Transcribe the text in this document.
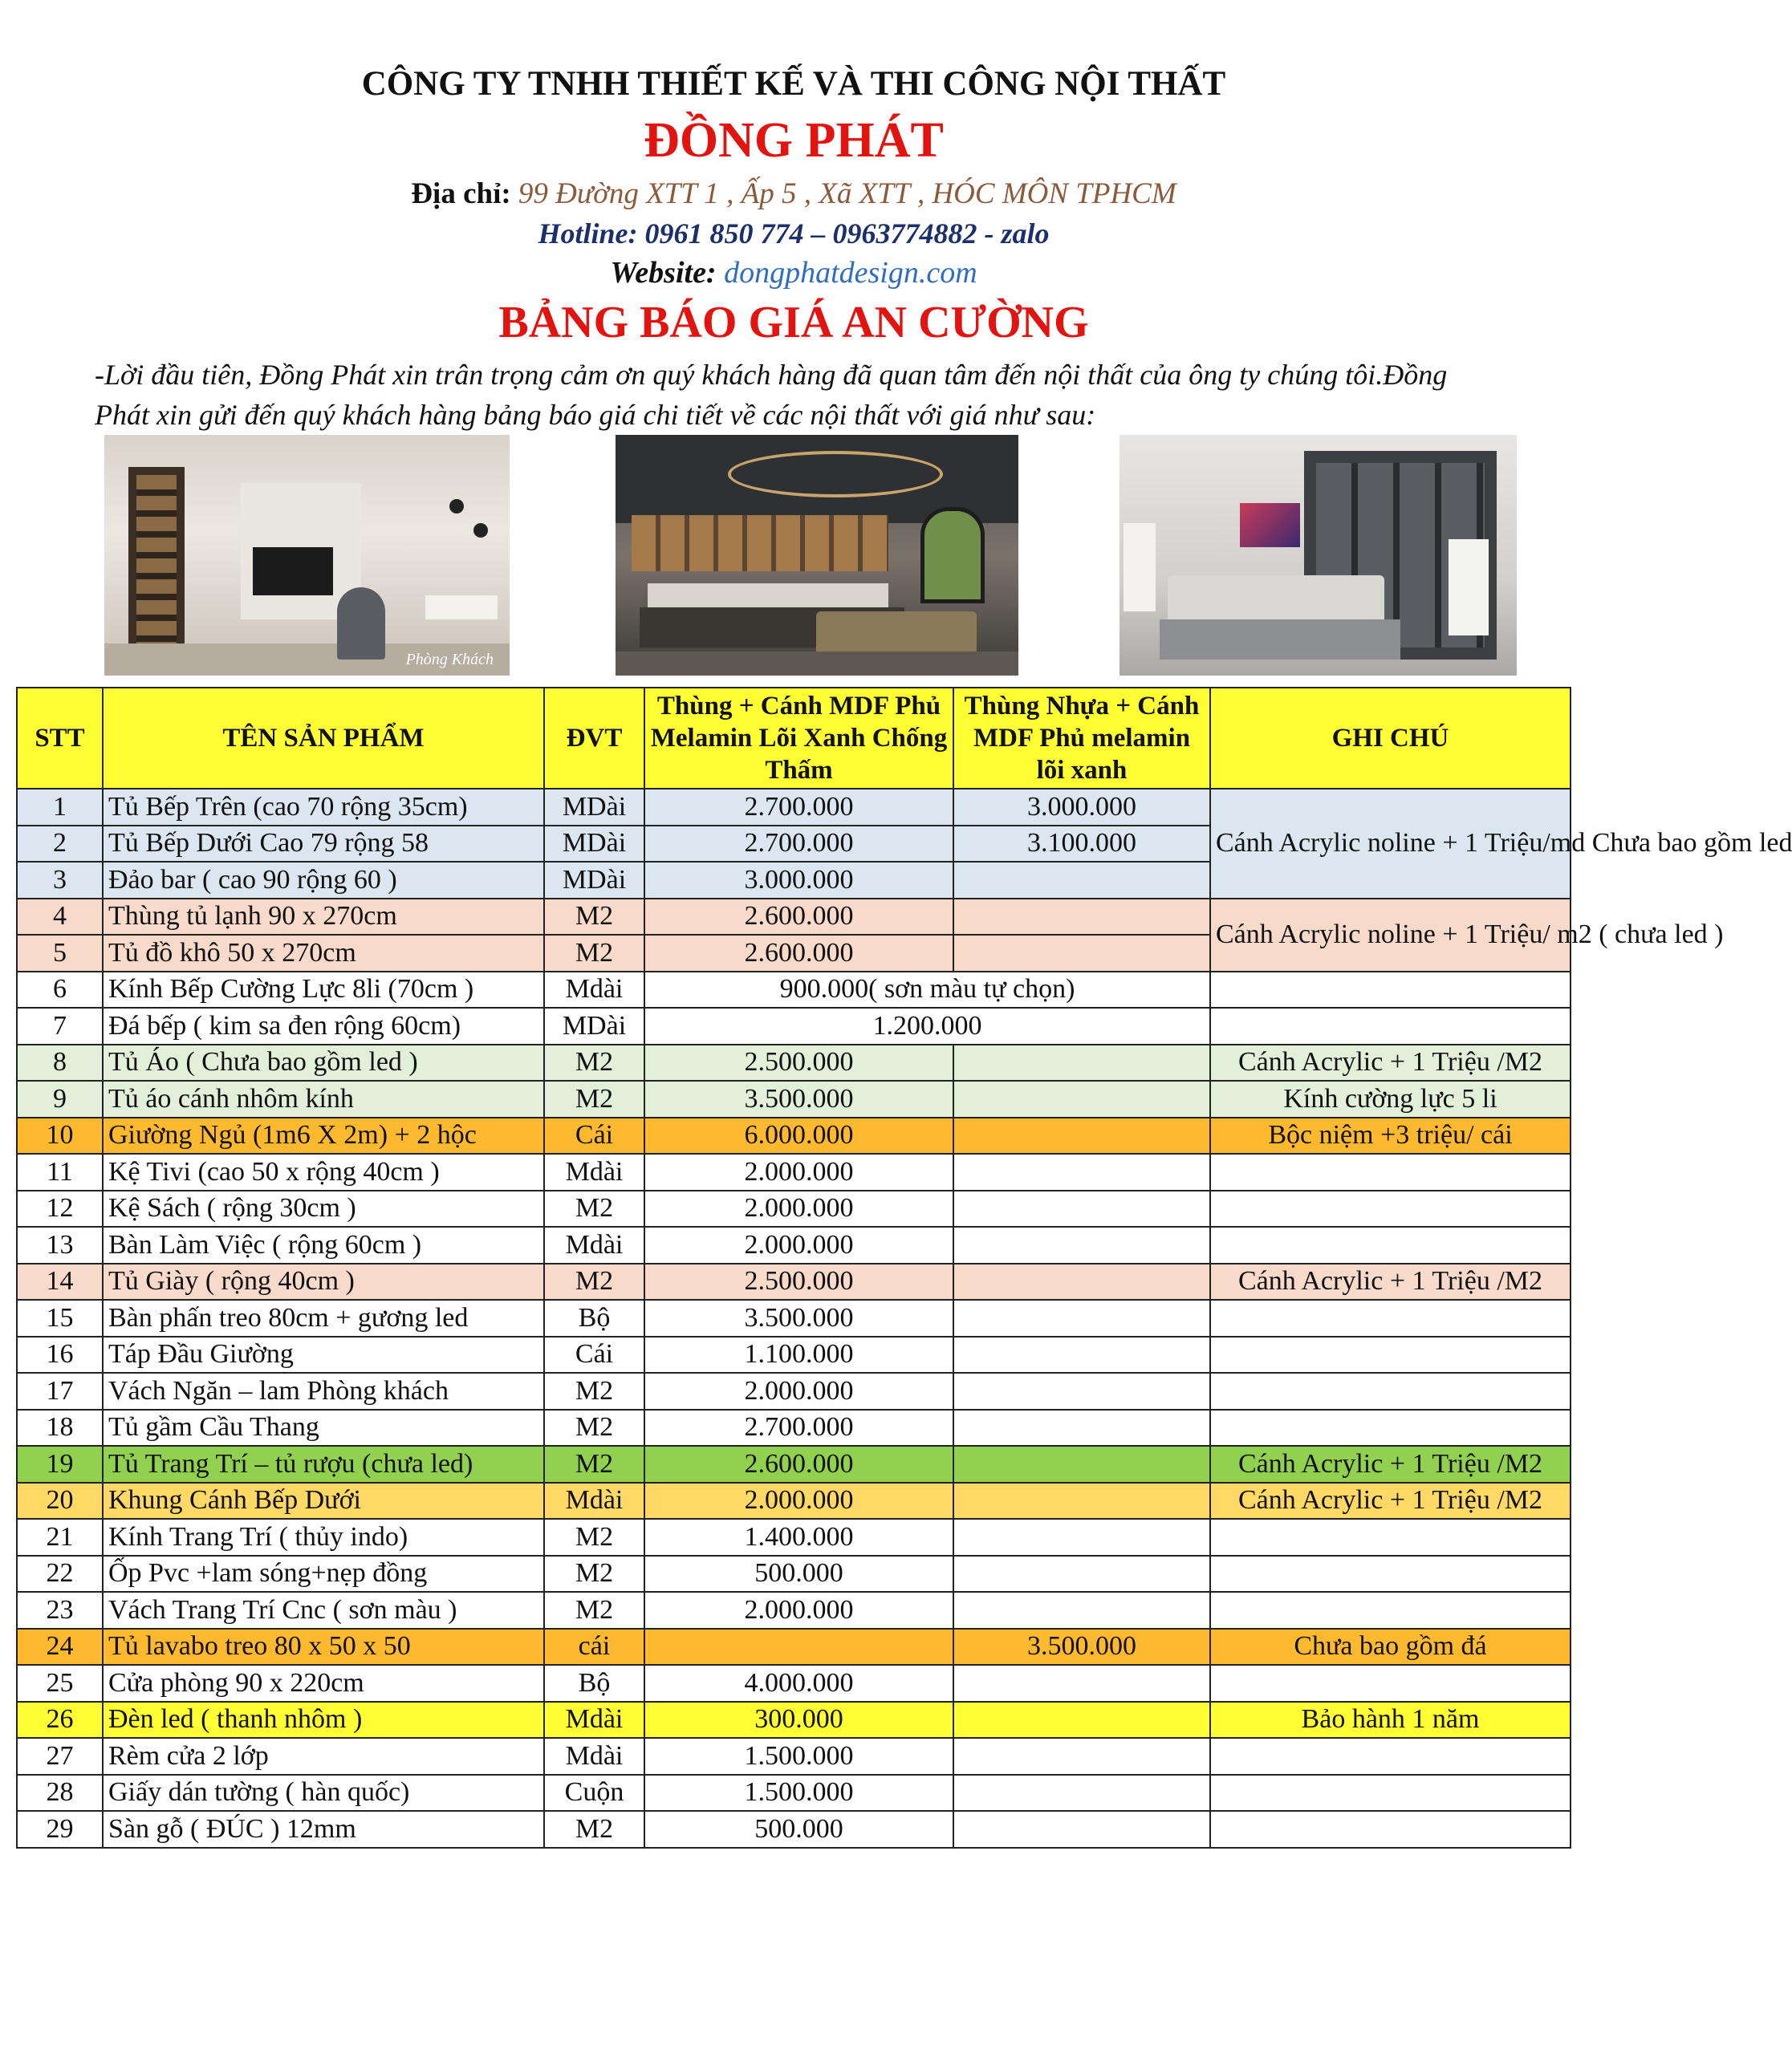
CÔNG TY TNHH THIẾT KẾ VÀ THI CÔNG NỘI THẤT
ĐỒNG PHÁT
Địa chỉ: 99 Đường XTT 1 , Ấp 5 , Xã XTT , HÓC MÔN TPHCM
Hotline: 0961 850 774 – 0963774882 - zalo
Website: dongphatdesign.com
BẢNG BÁO GIÁ AN CƯỜNG

-Lời đầu tiên, Đồng Phát xin trân trọng cảm ơn quý khách hàng đã quan tâm đến nội thất của ông ty chúng tôi.Đồng Phát xin gửi đến quý khách hàng bảng báo giá chi tiết về các nội thất với giá như sau:

Phòng Khách
STT	TÊN SẢN PHẨM	ĐVT	Thùng + Cánh MDF Phủ Melamin Lõi Xanh Chống Thấm	Thùng Nhựa + Cánh MDF Phủ melamin lõi xanh	GHI CHÚ
1	Tủ Bếp Trên (cao 70 rộng 35cm)	MDài	2.700.000	3.000.000	Cánh Acrylic noline + 1 Triệu/md Chưa bao gồm led
2	Tủ Bếp Dưới Cao 79 rộng 58	MDài	2.700.000	3.100.000	
3	Đảo bar ( cao 90 rộng 60 )	MDài	3.000.000		
4	Thùng tủ lạnh 90 x 270cm	M2	2.600.000		Cánh Acrylic noline + 1 Triệu/ m2 ( chưa led )
5	Tủ đồ khô 50 x 270cm	M2	2.600.000		
6	Kính Bếp Cường Lực 8li (70cm )	Mdài	900.000( sơn màu tự chọn)		
7	Đá bếp ( kim sa đen rộng 60cm)	MDài	1.200.000		
8	Tủ Áo ( Chưa bao gồm led )	M2	2.500.000		Cánh Acrylic + 1 Triệu /M2
9	Tủ áo cánh nhôm kính	M2	3.500.000		Kính cường lực 5 li
10	Giường Ngủ (1m6 X 2m) + 2 hộc	Cái	6.000.000		Bộc niệm +3 triệu/ cái
11	Kệ Tivi (cao 50 x rộng 40cm )	Mdài	2.000.000		
12	Kệ Sách ( rộng 30cm )	M2	2.000.000		
13	Bàn Làm Việc ( rộng 60cm )	Mdài	2.000.000		
14	Tủ Giày ( rộng 40cm )	M2	2.500.000		Cánh Acrylic + 1 Triệu /M2
15	Bàn phấn treo 80cm + gương led	Bộ	3.500.000		
16	Táp Đầu Giường	Cái	1.100.000		
17	Vách Ngăn – lam Phòng khách	M2	2.000.000		
18	Tủ gầm Cầu Thang	M2	2.700.000		
19	Tủ Trang Trí – tủ rượu (chưa led)	M2	2.600.000		Cánh Acrylic + 1 Triệu /M2
20	Khung Cánh Bếp Dưới	Mdài	2.000.000		Cánh Acrylic + 1 Triệu /M2
21	Kính Trang Trí ( thủy indo)	M2	1.400.000		
22	Ốp Pvc +lam sóng+nẹp đồng	M2	500.000		
23	Vách Trang Trí Cnc ( sơn màu )	M2	2.000.000		
24	Tủ lavabo treo 80 x 50 x 50	cái		3.500.000	Chưa bao gồm đá
25	Cửa phòng 90 x 220cm	Bộ	4.000.000		
26	Đèn led ( thanh nhôm )	Mdài	300.000		Bảo hành 1 năm
27	Rèm cửa 2 lớp	Mdài	1.500.000		
28	Giấy dán tường ( hàn quốc)	Cuộn	1.500.000		
29	Sàn gỗ ( ĐÚC ) 12mm	M2	500.000		
